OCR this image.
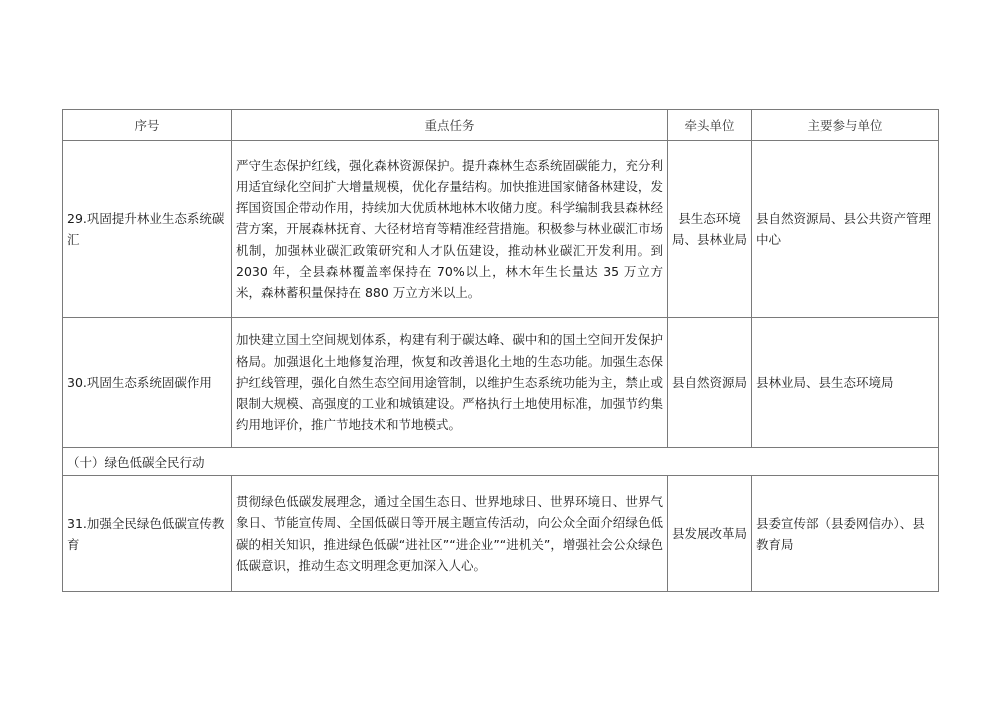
序号	重点任务	牵头单位	主要参与单位
29.巩固提升林业生态系统碳汇	严守生态保护红线，强化森林资源保护。提升森林生态系统固碳能力，充分利用适宜绿化空间扩大增量规模，优化存量结构。加快推进国家储备林建设，发挥国资国企带动作用，持续加大优质林地林木收储力度。科学编制我县森林经营方案，开展森林抚育、大径材培育等精准经营措施。积极参与林业碳汇市场机制，加强林业碳汇政策研究和人才队伍建设，推动林业碳汇开发利用。到 2030 年，全县森林覆盖率保持在 70%以上，林木年生长量达 35 万立方米，森林蓄积量保持在 880 万立方米以上。	县生态环境局、县林业局	县自然资源局、县公共资产管理中心
30.巩固生态系统固碳作用	加快建立国土空间规划体系，构建有利于碳达峰、碳中和的国土空间开发保护格局。加强退化土地修复治理，恢复和改善退化土地的生态功能。加强生态保护红线管理，强化自然生态空间用途管制，以维护生态系统功能为主，禁止或限制大规模、高强度的工业和城镇建设。严格执行土地使用标准，加强节约集约用地评价，推广节地技术和节地模式。	县自然资源局	县林业局、县生态环境局
（十）绿色低碳全民行动			
31.加强全民绿色低碳宣传教育	贯彻绿色低碳发展理念，通过全国生态日、世界地球日、世界环境日、世界气象日、节能宣传周、全国低碳日等开展主题宣传活动，向公众全面介绍绿色低碳的相关知识，推进绿色低碳“进社区”“进企业”“进机关”，增强社会公众绿色低碳意识，推动生态文明理念更加深入人心。	县发展改革局	县委宣传部（县委网信办）、县教育局
